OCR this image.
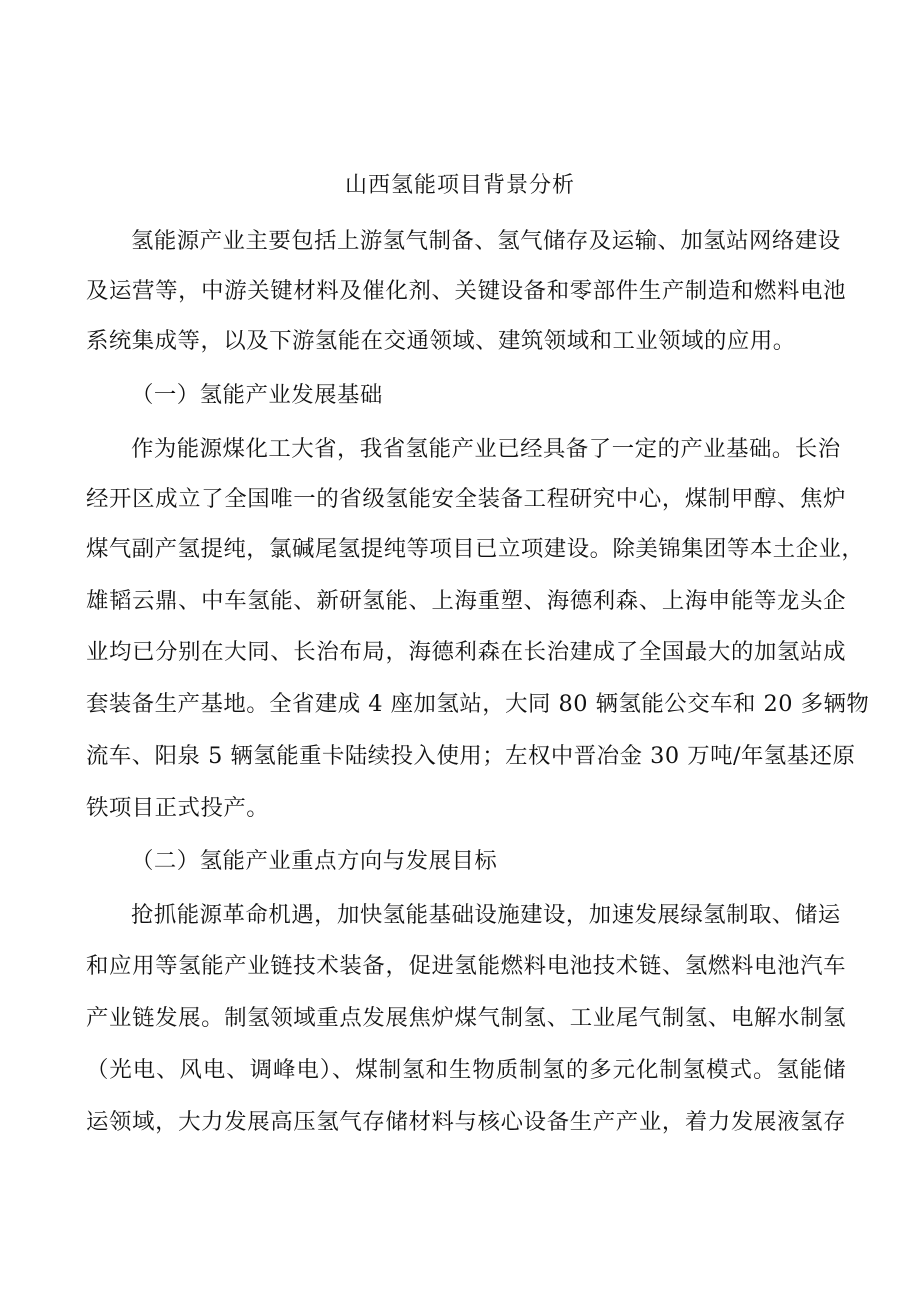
山西氢能项目背景分析
氢能源产业主要包括上游氢气制备、氢气储存及运输、加氢站网络建设
及运营等，中游关键材料及催化剂、关键设备和零部件生产制造和燃料电池
系统集成等，以及下游氢能在交通领域、建筑领域和工业领域的应用。
（一）氢能产业发展基础
作为能源煤化工大省，我省氢能产业已经具备了一定的产业基础。长治
经开区成立了全国唯一的省级氢能安全装备工程研究中心，煤制甲醇、焦炉
煤气副产氢提纯，氯碱尾氢提纯等项目已立项建设。除美锦集团等本土企业，
雄韬云鼎、中车氢能、新研氢能、上海重塑、海德利森、上海申能等龙头企
业均已分别在大同、长治布局，海德利森在长治建成了全国最大的加氢站成
套装备生产基地。全省建成 4 座加氢站，大同 80 辆氢能公交车和 20 多辆物
流车、阳泉 5 辆氢能重卡陆续投入使用；左权中晋冶金 30 万吨/年氢基还原
铁项目正式投产。
（二）氢能产业重点方向与发展目标
抢抓能源革命机遇，加快氢能基础设施建设，加速发展绿氢制取、储运
和应用等氢能产业链技术装备，促进氢能燃料电池技术链、氢燃料电池汽车
产业链发展。制氢领域重点发展焦炉煤气制氢、工业尾气制氢、电解水制氢
（光电、风电、调峰电）、煤制氢和生物质制氢的多元化制氢模式。氢能储
运领域，大力发展高压氢气存储材料与核心设备生产产业，着力发展液氢存
